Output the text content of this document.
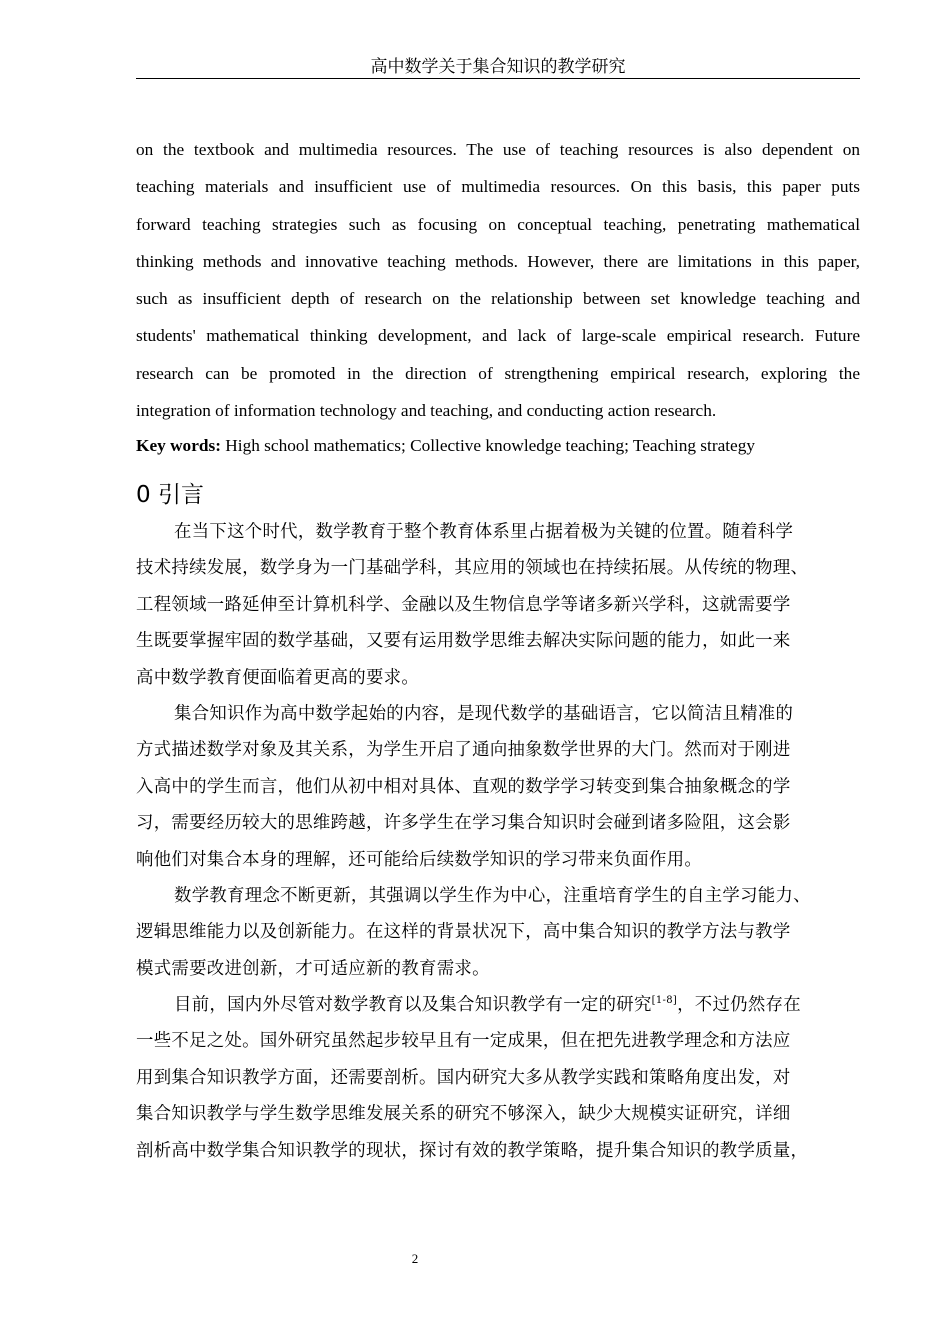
高中数学关于集合知识的教学研究
on the textbook and multimedia resources. The use of teaching resources is also dependent on
teaching materials and insufficient use of multimedia resources. On this basis, this paper puts
forward teaching strategies such as focusing on conceptual teaching, penetrating mathematical
thinking methods and innovative teaching methods. However, there are limitations in this paper,
such as insufficient depth of research on the relationship between set knowledge teaching and
students' mathematical thinking development, and lack of large-scale empirical research. Future
research can be promoted in the direction of strengthening empirical research, exploring the
integration of information technology and teaching, and conducting action research.
Key words: High school mathematics; Collective knowledge teaching; Teaching strategy
0 引言
在当下这个时代，数学教育于整个教育体系里占据着极为关键的位置。随着科学
技术持续发展，数学身为一门基础学科，其应用的领域也在持续拓展。从传统的物理、
工程领域一路延伸至计算机科学、金融以及生物信息学等诸多新兴学科，这就需要学
生既要掌握牢固的数学基础，又要有运用数学思维去解决实际问题的能力，如此一来
高中数学教育便面临着更高的要求。
集合知识作为高中数学起始的内容，是现代数学的基础语言，它以简洁且精准的
方式描述数学对象及其关系，为学生开启了通向抽象数学世界的大门。然而对于刚进
入高中的学生而言，他们从初中相对具体、直观的数学学习转变到集合抽象概念的学
习，需要经历较大的思维跨越，许多学生在学习集合知识时会碰到诸多险阻，这会影
响他们对集合本身的理解，还可能给后续数学知识的学习带来负面作用。
数学教育理念不断更新，其强调以学生作为中心，注重培育学生的自主学习能力、
逻辑思维能力以及创新能力。在这样的背景状况下，高中集合知识的教学方法与教学
模式需要改进创新，才可适应新的教育需求。
目前，国内外尽管对数学教育以及集合知识教学有一定的研究[1-8]，不过仍然存在
一些不足之处。国外研究虽然起步较早且有一定成果，但在把先进教学理念和方法应
用到集合知识教学方面，还需要剖析。国内研究大多从教学实践和策略角度出发，对
集合知识教学与学生数学思维发展关系的研究不够深入，缺少大规模实证研究，详细
剖析高中数学集合知识教学的现状，探讨有效的教学策略，提升集合知识的教学质量，
2
